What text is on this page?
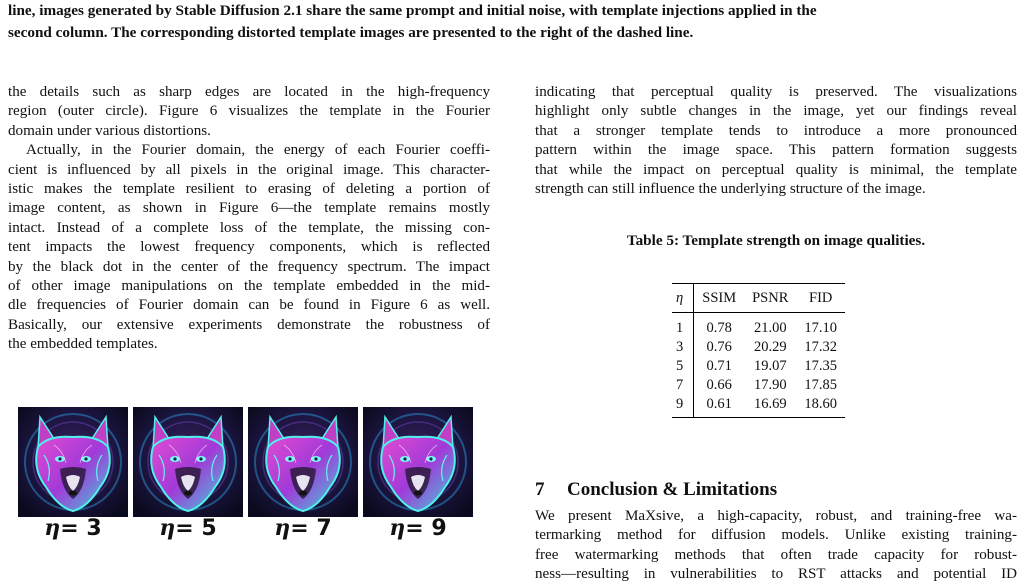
line, images generated by Stable Diffusion 2.1 share the same prompt and initial noise, with template injections applied in the
second column. The corresponding distorted template images are presented to the right of the dashed line.

the details such as sharp edges are located in the high-frequency
region (outer circle). Figure 6 visualizes the template in the Fourier
domain under various distortions.

Actually, in the Fourier domain, the energy of each Fourier coeffi-
cient is influenced by all pixels in the original image. This character-
istic makes the template resilient to erasing of deleting a portion of
image content, as shown in Figure 6—the template remains mostly
intact. Instead of a complete loss of the template, the missing con-
tent impacts the lowest frequency components, which is reflected
by the black dot in the center of the frequency spectrum. The impact
of other image manipulations on the template embedded in the mid-
dle frequencies of Fourier domain can be found in Figure 6 as well.
Basically, our extensive experiments demonstrate the robustness of
the embedded templates.

η= 3	η= 5	η= 7	η= 9

indicating that perceptual quality is preserved. The visualizations
highlight only subtle changes in the image, yet our findings reveal
that a stronger template tends to introduce a more pronounced
pattern within the image space. This pattern formation suggests
that while the impact on perceptual quality is minimal, the template
strength can still influence the underlying structure of the image.

Table 5: Template strength on image qualities.
η	SSIM	PSNR	FID
1	0.78	21.00	17.10
3	0.76	20.29	17.32
5	0.71	19.07	17.35
7	0.66	17.90	17.85
9	0.61	16.69	18.60
7 Conclusion & Limitations

We present MaXsive, a high-capacity, robust, and training-free wa-
termarking method for diffusion models. Unlike existing training-
free watermarking methods that often trade capacity for robust-
ness—resulting in vulnerabilities to RST attacks and potential ID
